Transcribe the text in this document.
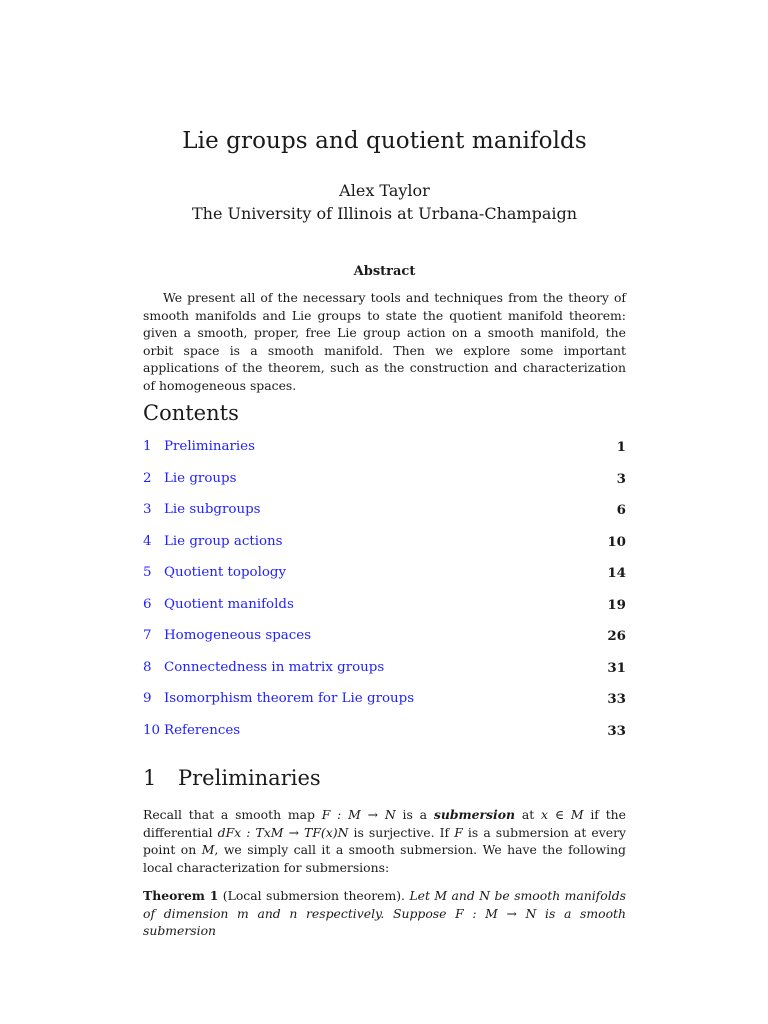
Lie groups and quotient manifolds
Alex Taylor
The University of Illinois at Urbana-Champaign
Abstract

We present all of the necessary tools and techniques from the theory of smooth manifolds and Lie groups to state the quotient manifold theorem: given a smooth, proper, free Lie group action on a smooth manifold, the orbit space is a smooth manifold. Then we explore some important applications of the theorem, such as the construction and characterization of homogeneous spaces.

Contents
1 Preliminaries	1
2 Lie groups	3
3 Lie subgroups	6
4 Lie group actions	10
5 Quotient topology	14
6 Quotient manifolds	19
7 Homogeneous spaces	26
8 Connectedness in matrix groups	31
9 Isomorphism theorem for Lie groups	33
10 References	33
1 Preliminaries

Recall that a smooth map F : M → N is a submersion at x ∈ M if the differential dFx : TxM → TF(x)N is surjective. If F is a submersion at every point on M, we simply call it a smooth submersion. We have the following local characterization for submersions:

Theorem 1 (Local submersion theorem). Let M and N be smooth manifolds of dimension m and n respectively. Suppose F : M → N is a smooth submersion
